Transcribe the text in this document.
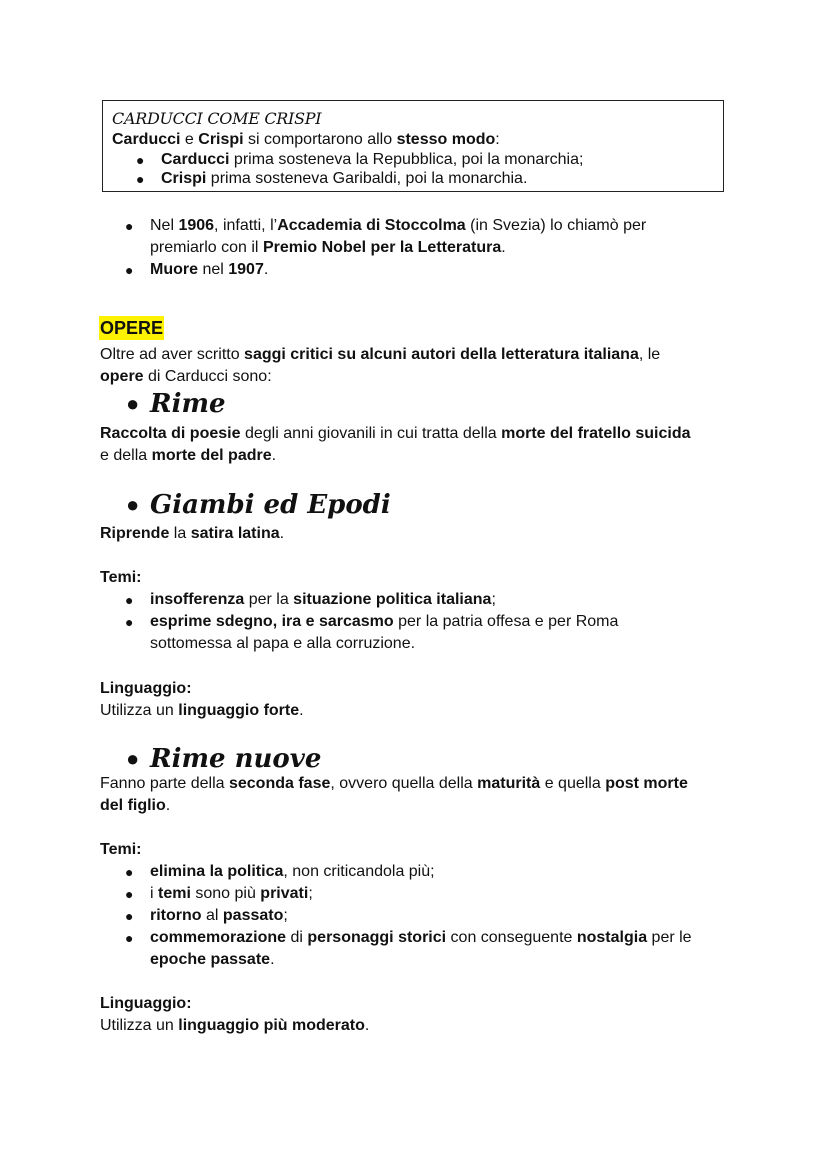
CARDUCCI COME CRISPI
Carducci e Crispi si comportarono allo stesso modo:
● Carducci prima sosteneva la Repubblica, poi la monarchia;
● Crispi prima sosteneva Garibaldi, poi la monarchia.
● Nel 1906, infatti, l’Accademia di Stoccolma (in Svezia) lo chiamò per
premiarlo con il Premio Nobel per la Letteratura.
● Muore nel 1907.
OPERE
Oltre ad aver scritto saggi critici su alcuni autori della letteratura italiana, le
opere di Carducci sono:
● Rime
Raccolta di poesie degli anni giovanili in cui tratta della morte del fratello suicida
e della morte del padre.
● Giambi ed Epodi
Riprende la satira latina.
Temi:
● insofferenza per la situazione politica italiana;
● esprime sdegno, ira e sarcasmo per la patria offesa e per Roma
sottomessa al papa e alla corruzione.
Linguaggio:
Utilizza un linguaggio forte.
● Rime nuove
Fanno parte della seconda fase, ovvero quella della maturità e quella post morte
del figlio.
Temi:
● elimina la politica, non criticandola più;
● i temi sono più privati;
● ritorno al passato;
● commemorazione di personaggi storici con conseguente nostalgia per le
epoche passate.
Linguaggio:
Utilizza un linguaggio più moderato.
